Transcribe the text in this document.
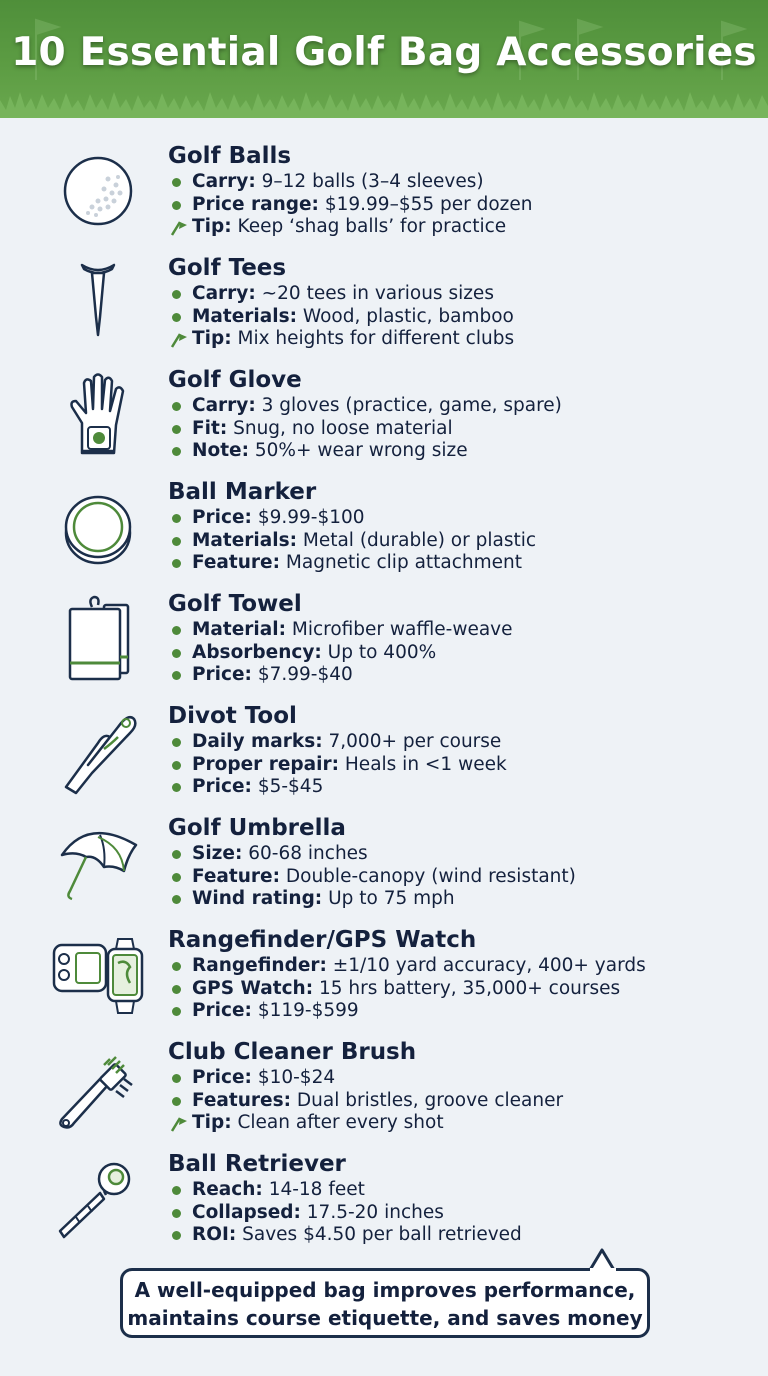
10 Essential Golf Bag Accessories
Golf Balls
Carry: 9–12 balls (3–4 sleeves)
Price range: $19.99–$55 per dozen
Tip: Keep ‘shag balls’ for practice
Golf Tees
Carry: ~20 tees in various sizes
Materials: Wood, plastic, bamboo
Tip: Mix heights for different clubs
Golf Glove
Carry: 3 gloves (practice, game, spare)
Fit: Snug, no loose material
Note: 50%+ wear wrong size
Ball Marker
Price: $9.99-$100
Materials: Metal (durable) or plastic
Feature: Magnetic clip attachment
Golf Towel
Material: Microfiber waffle-weave
Absorbency: Up to 400%
Price: $7.99-$40
Divot Tool
Daily marks: 7,000+ per course
Proper repair: Heals in <1 week
Price: $5-$45
Golf Umbrella
Size: 60-68 inches
Feature: Double-canopy (wind resistant)
Wind rating: Up to 75 mph
Rangefinder/GPS Watch
Rangefinder: ±1/10 yard accuracy, 400+ yards
GPS Watch: 15 hrs battery, 35,000+ courses
Price: $119-$599
Club Cleaner Brush
Price: $10-$24
Features: Dual bristles, groove cleaner
Tip: Clean after every shot
Ball Retriever
Reach: 14-18 feet
Collapsed: 17.5-20 inches
ROI: Saves $4.50 per ball retrieved
A well-equipped bag improves performance,
maintains course etiquette, and saves money
